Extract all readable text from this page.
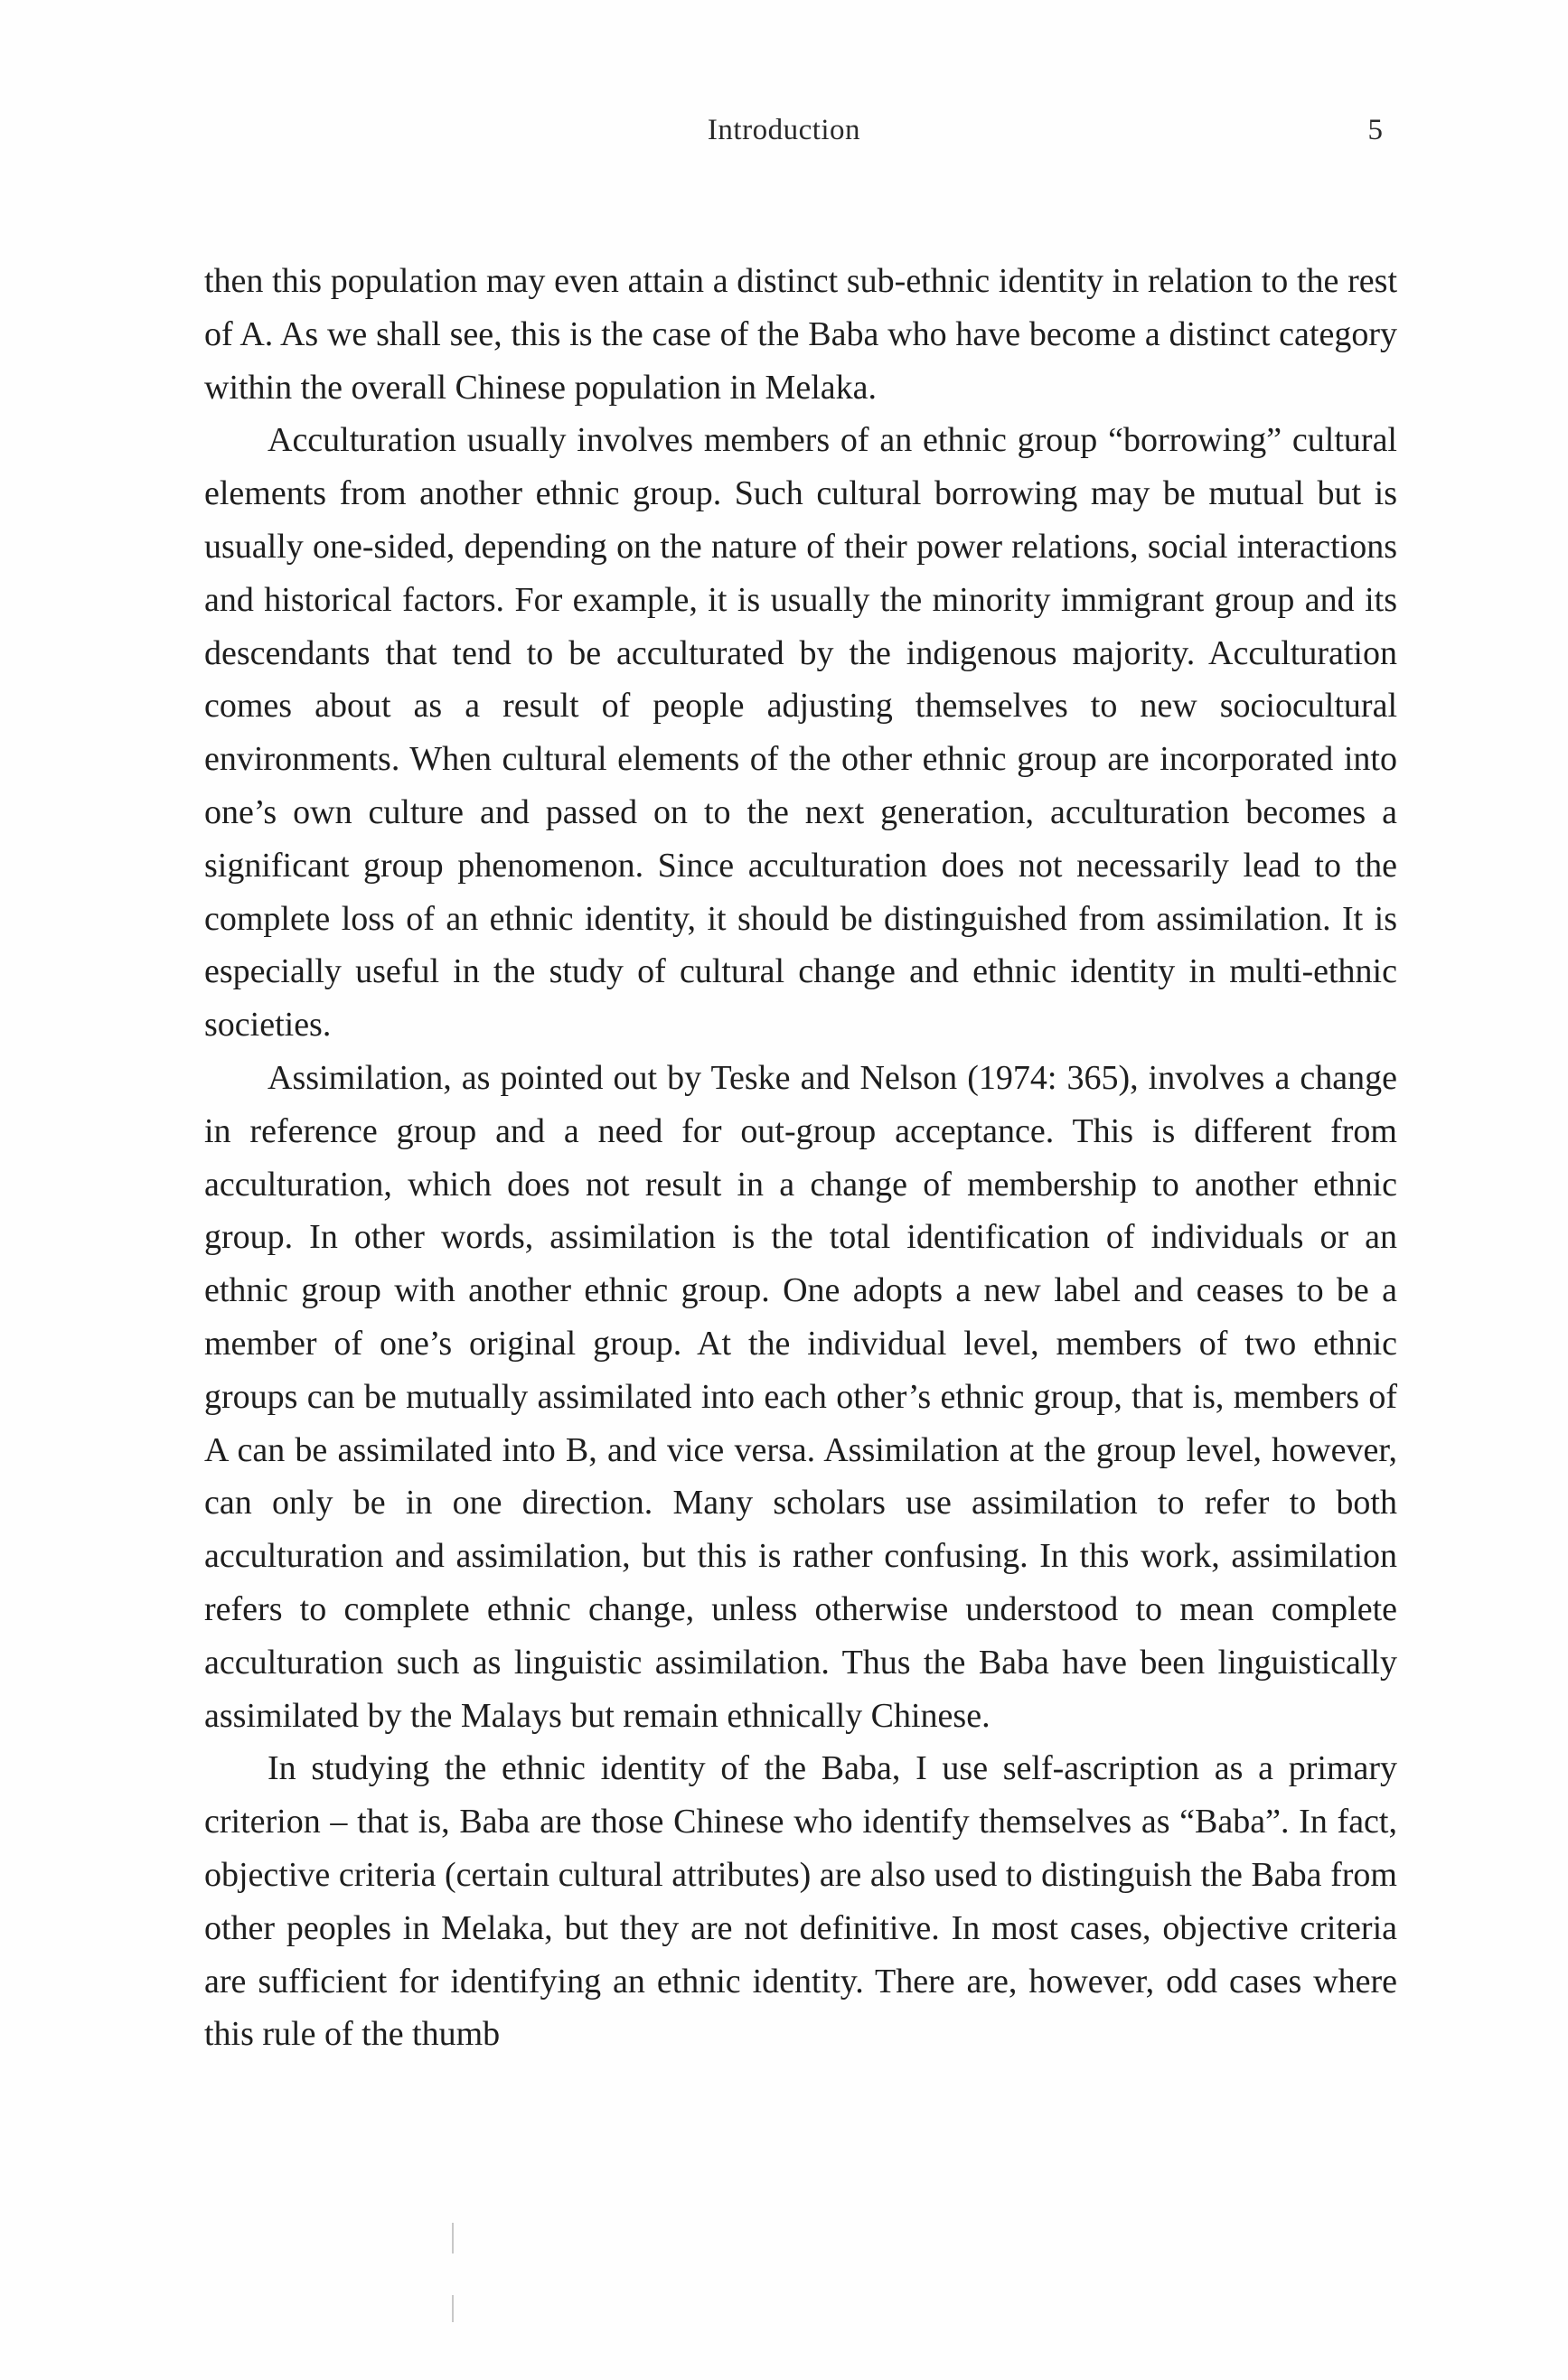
Introduction	5

then this population may even attain a distinct sub-ethnic identity in relation to the rest of A. As we shall see, this is the case of the Baba who have become a distinct category within the overall Chinese population in Melaka.

Acculturation usually involves members of an ethnic group “borrowing” cultural elements from another ethnic group. Such cultural borrowing may be mutual but is usually one-sided, depending on the nature of their power relations, social interactions and historical factors. For example, it is usually the minority immigrant group and its descendants that tend to be acculturated by the indigenous majority. Acculturation comes about as a result of people adjusting themselves to new sociocultural environments. When cultural elements of the other ethnic group are incorporated into one’s own culture and passed on to the next generation, acculturation becomes a significant group phenomenon. Since acculturation does not necessarily lead to the complete loss of an ethnic identity, it should be distinguished from assimilation. It is especially useful in the study of cultural change and ethnic identity in multi-ethnic societies.

Assimilation, as pointed out by Teske and Nelson (1974: 365), involves a change in reference group and a need for out-group acceptance. This is different from acculturation, which does not result in a change of membership to another ethnic group. In other words, assimilation is the total identification of individuals or an ethnic group with another ethnic group. One adopts a new label and ceases to be a member of one’s original group. At the individual level, members of two ethnic groups can be mutually assimilated into each other’s ethnic group, that is, members of A can be assimilated into B, and vice versa. Assimilation at the group level, however, can only be in one direction. Many scholars use assimilation to refer to both acculturation and assimilation, but this is rather confusing. In this work, assimilation refers to complete ethnic change, unless otherwise understood to mean complete acculturation such as linguistic assimilation. Thus the Baba have been linguistically assimilated by the Malays but remain ethnically Chinese.

In studying the ethnic identity of the Baba, I use self-ascription as a primary criterion – that is, Baba are those Chinese who identify themselves as “Baba”. In fact, objective criteria (certain cultural attributes) are also used to distinguish the Baba from other peoples in Melaka, but they are not definitive. In most cases, objective criteria are sufficient for identifying an ethnic identity. There are, however, odd cases where this rule of the thumb
